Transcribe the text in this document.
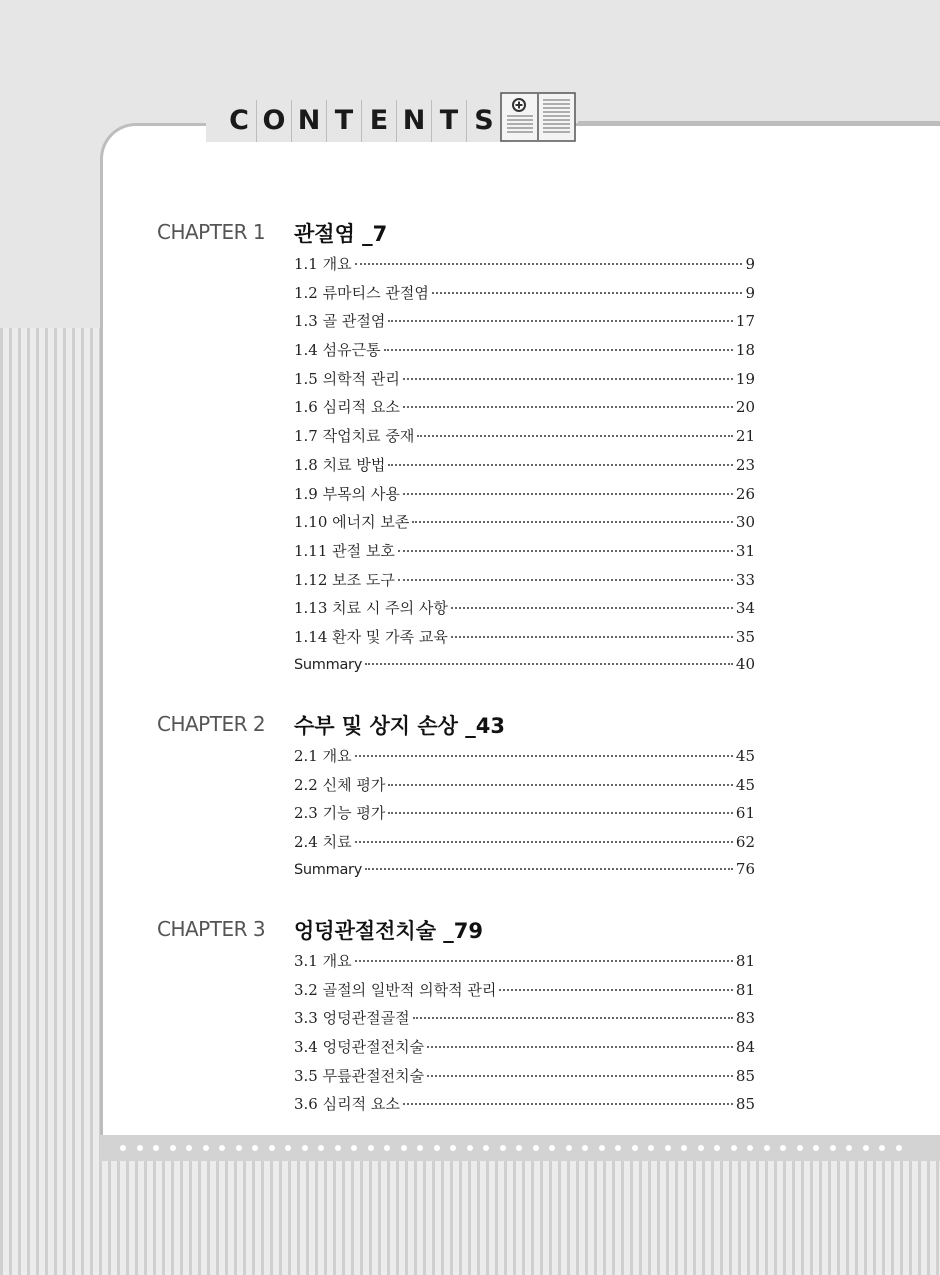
C O N T E N T S
CHAPTER 1 관절염 _7
1.1 개요	9
1.2 류마티스 관절염	9
1.3 골 관절염	17
1.4 섬유근통	18
1.5 의학적 관리	19
1.6 심리적 요소	20
1.7 작업치료 중재	21
1.8 치료 방법	23
1.9 부목의 사용	26
1.10 에너지 보존	30
1.11 관절 보호	31
1.12 보조 도구	33
1.13 치료 시 주의 사항	34
1.14 환자 및 가족 교육	35
Summary	40
CHAPTER 2 수부 및 상지 손상 _43
2.1 개요	45
2.2 신체 평가	45
2.3 기능 평가	61
2.4 치료	62
Summary	76
CHAPTER 3 엉덩관절전치술 _79
3.1 개요	81
3.2 골절의 일반적 의학적 관리	81
3.3 엉덩관절골절	83
3.4 엉덩관절전치술	84
3.5 무릎관절전치술	85
3.6 심리적 요소	85
